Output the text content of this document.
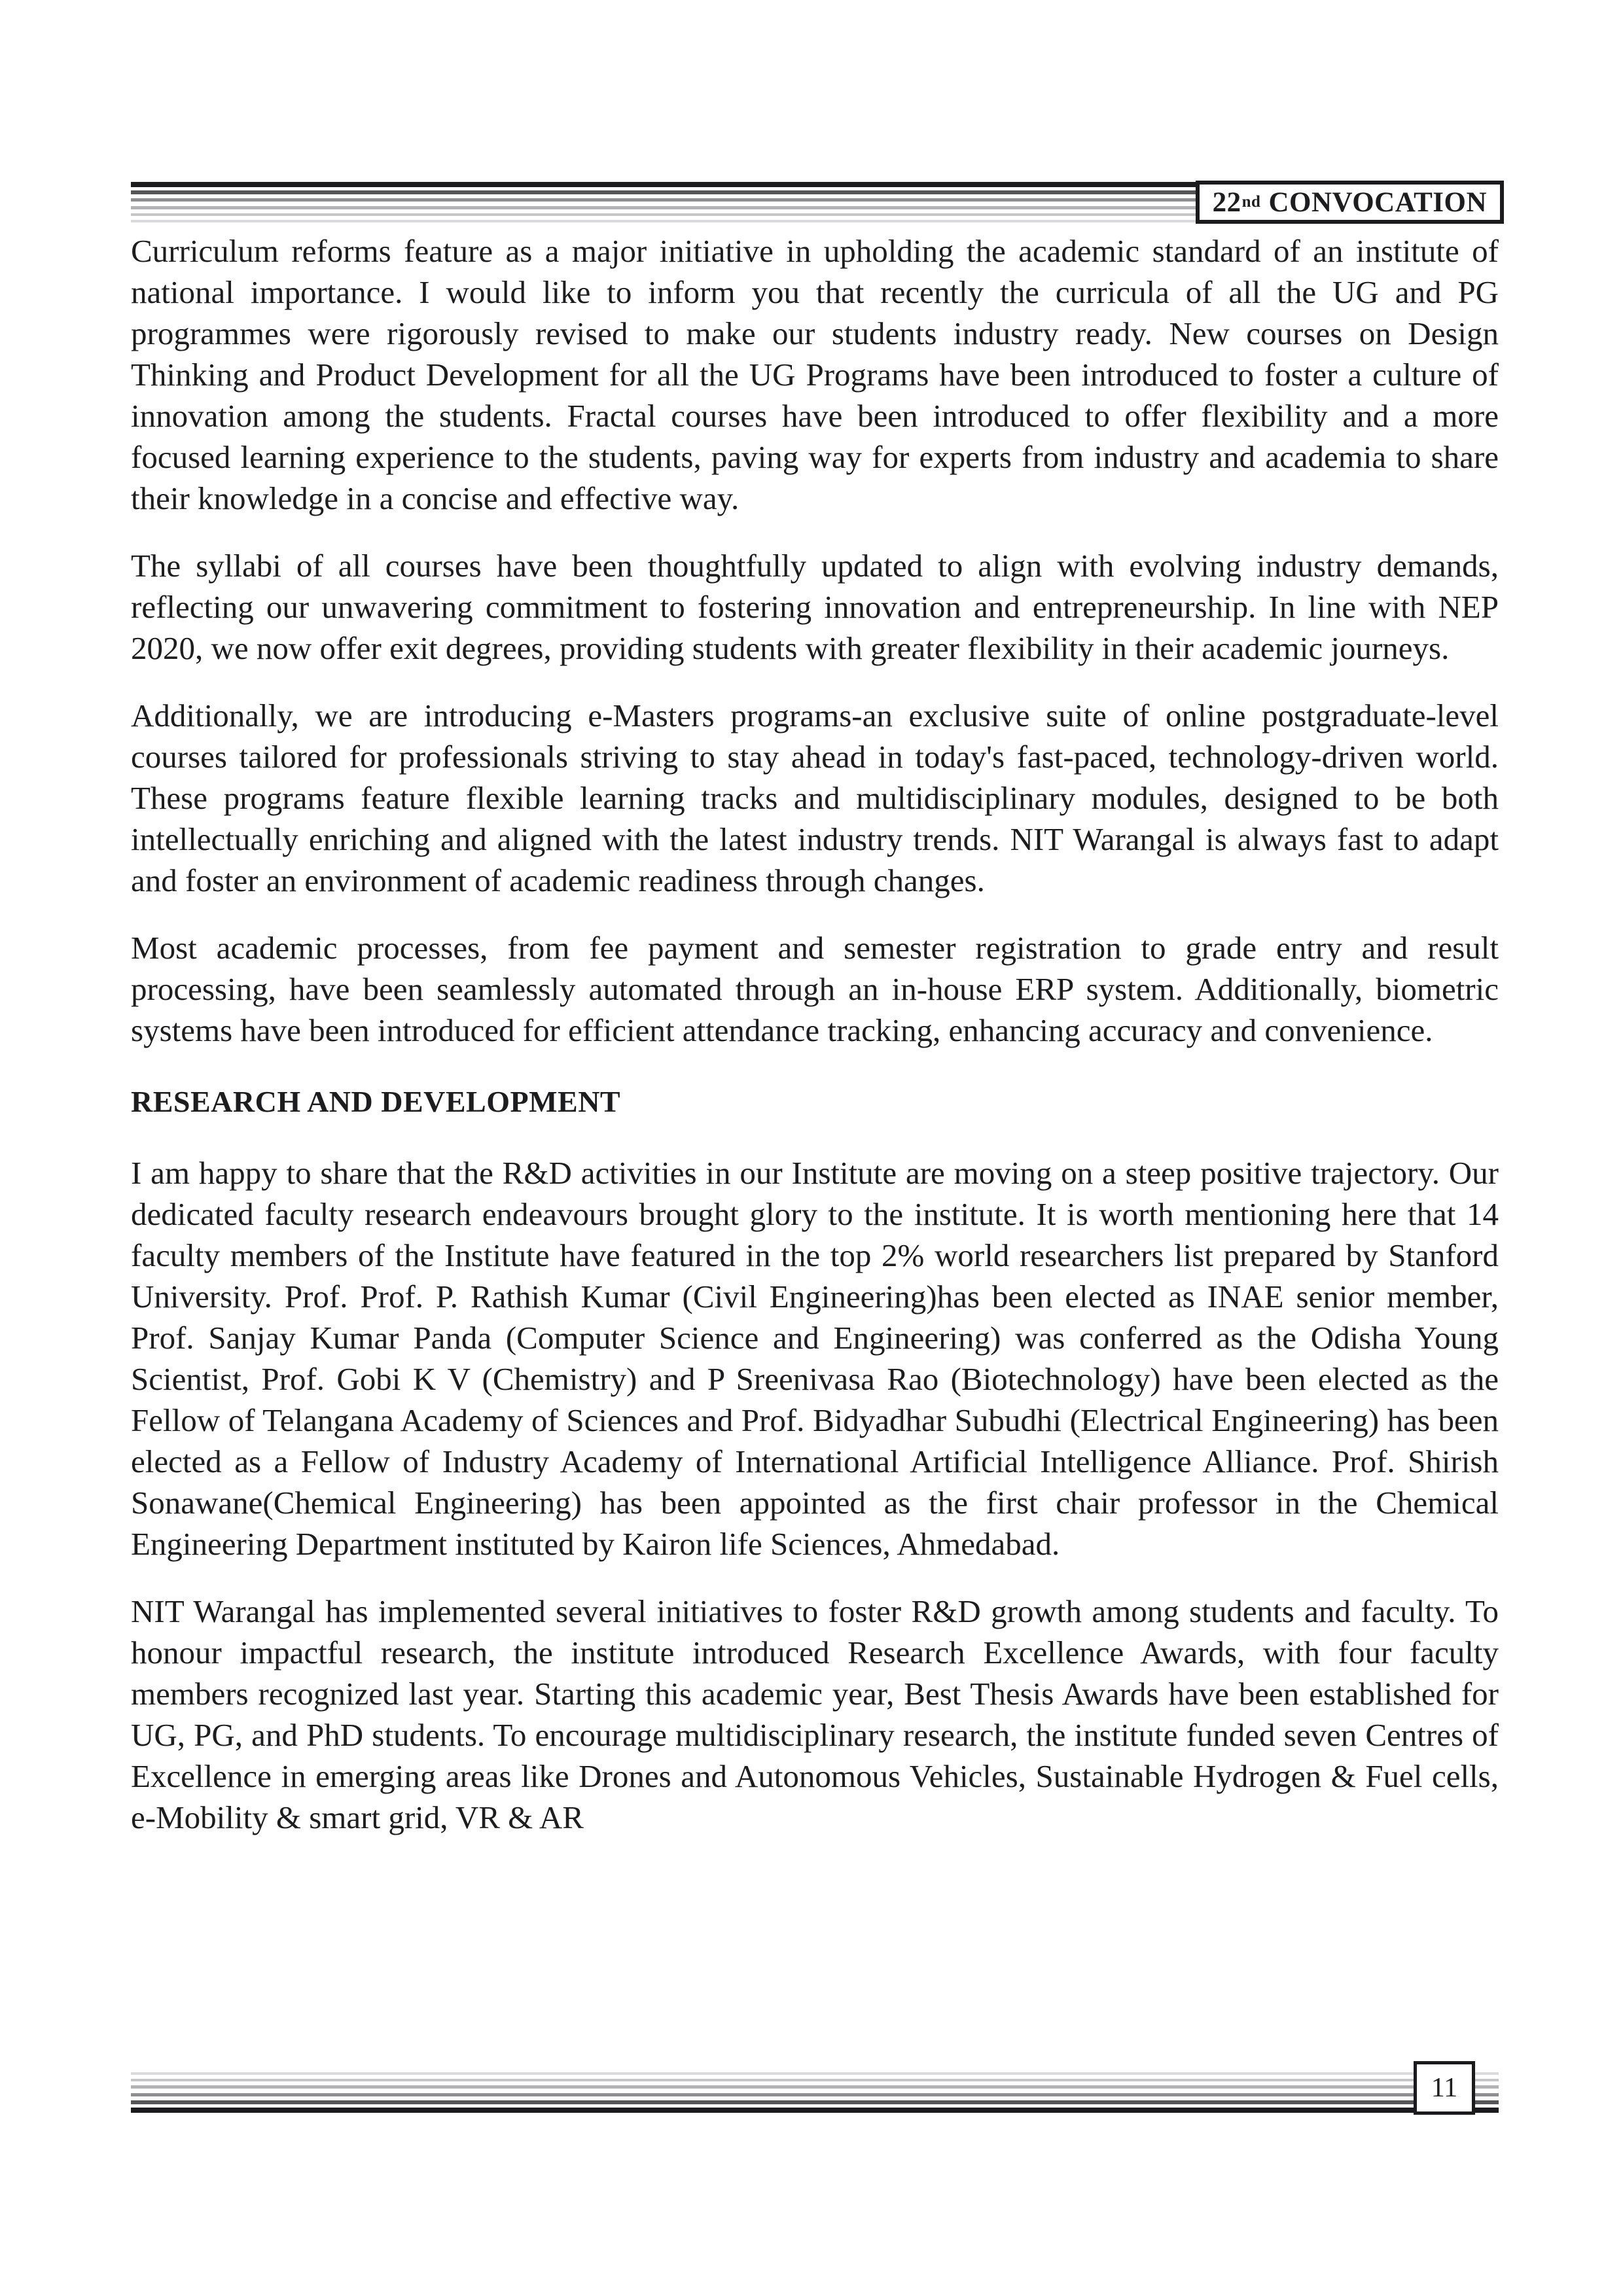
22 nd CONVOCATION

Curriculum reforms feature as a major initiative in upholding the academic standard of an institute of national importance. I would like to inform you that recently the curricula of all the UG and PG programmes were rigorously revised to make our students industry ready. New courses on Design Thinking and Product Development for all the UG Programs have been introduced to foster a culture of innovation among the students. Fractal courses have been introduced to offer flexibility and a more focused learning experience to the students, paving way for experts from industry and academia to share their knowledge in a concise and effective way.

The syllabi of all courses have been thoughtfully updated to align with evolving industry demands, reflecting our unwavering commitment to fostering innovation and entrepreneurship. In line with NEP 2020, we now offer exit degrees, providing students with greater flexibility in their academic journeys.

Additionally, we are introducing e-Masters programs-an exclusive suite of online postgraduate-level courses tailored for professionals striving to stay ahead in today's fast-paced, technology-driven world. These programs feature flexible learning tracks and multidisciplinary modules, designed to be both intellectually enriching and aligned with the latest industry trends. NIT Warangal is always fast to adapt and foster an environment of academic readiness through changes.

Most academic processes, from fee payment and semester registration to grade entry and result processing, have been seamlessly automated through an in-house ERP system. Additionally, biometric systems have been introduced for efficient attendance tracking, enhancing accuracy and convenience.

RESEARCH AND DEVELOPMENT

I am happy to share that the R&D activities in our Institute are moving on a steep positive trajectory. Our dedicated faculty research endeavours brought glory to the institute. It is worth mentioning here that 14 faculty members of the Institute have featured in the top 2% world researchers list prepared by Stanford University. Prof. Prof. P. Rathish Kumar (Civil Engineering)has been elected as INAE senior member, Prof. Sanjay Kumar Panda (Computer Science and Engineering) was conferred as the Odisha Young Scientist, Prof. Gobi K V (Chemistry) and P Sreenivasa Rao (Biotechnology) have been elected as the Fellow of Telangana Academy of Sciences and Prof. Bidyadhar Subudhi (Electrical Engineering) has been elected as a Fellow of Industry Academy of International Artificial Intelligence Alliance. Prof. Shirish Sonawane(Chemical Engineering) has been appointed as the first chair professor in the Chemical Engineering Department instituted by Kairon life Sciences, Ahmedabad.

NIT Warangal has implemented several initiatives to foster R&D growth among students and faculty. To honour impactful research, the institute introduced Research Excellence Awards, with four faculty members recognized last year. Starting this academic year, Best Thesis Awards have been established for UG, PG, and PhD students. To encourage multidisciplinary research, the institute funded seven Centres of Excellence in emerging areas like Drones and Autonomous Vehicles, Sustainable Hydrogen & Fuel cells, e-Mobility & smart grid, VR & AR

11
